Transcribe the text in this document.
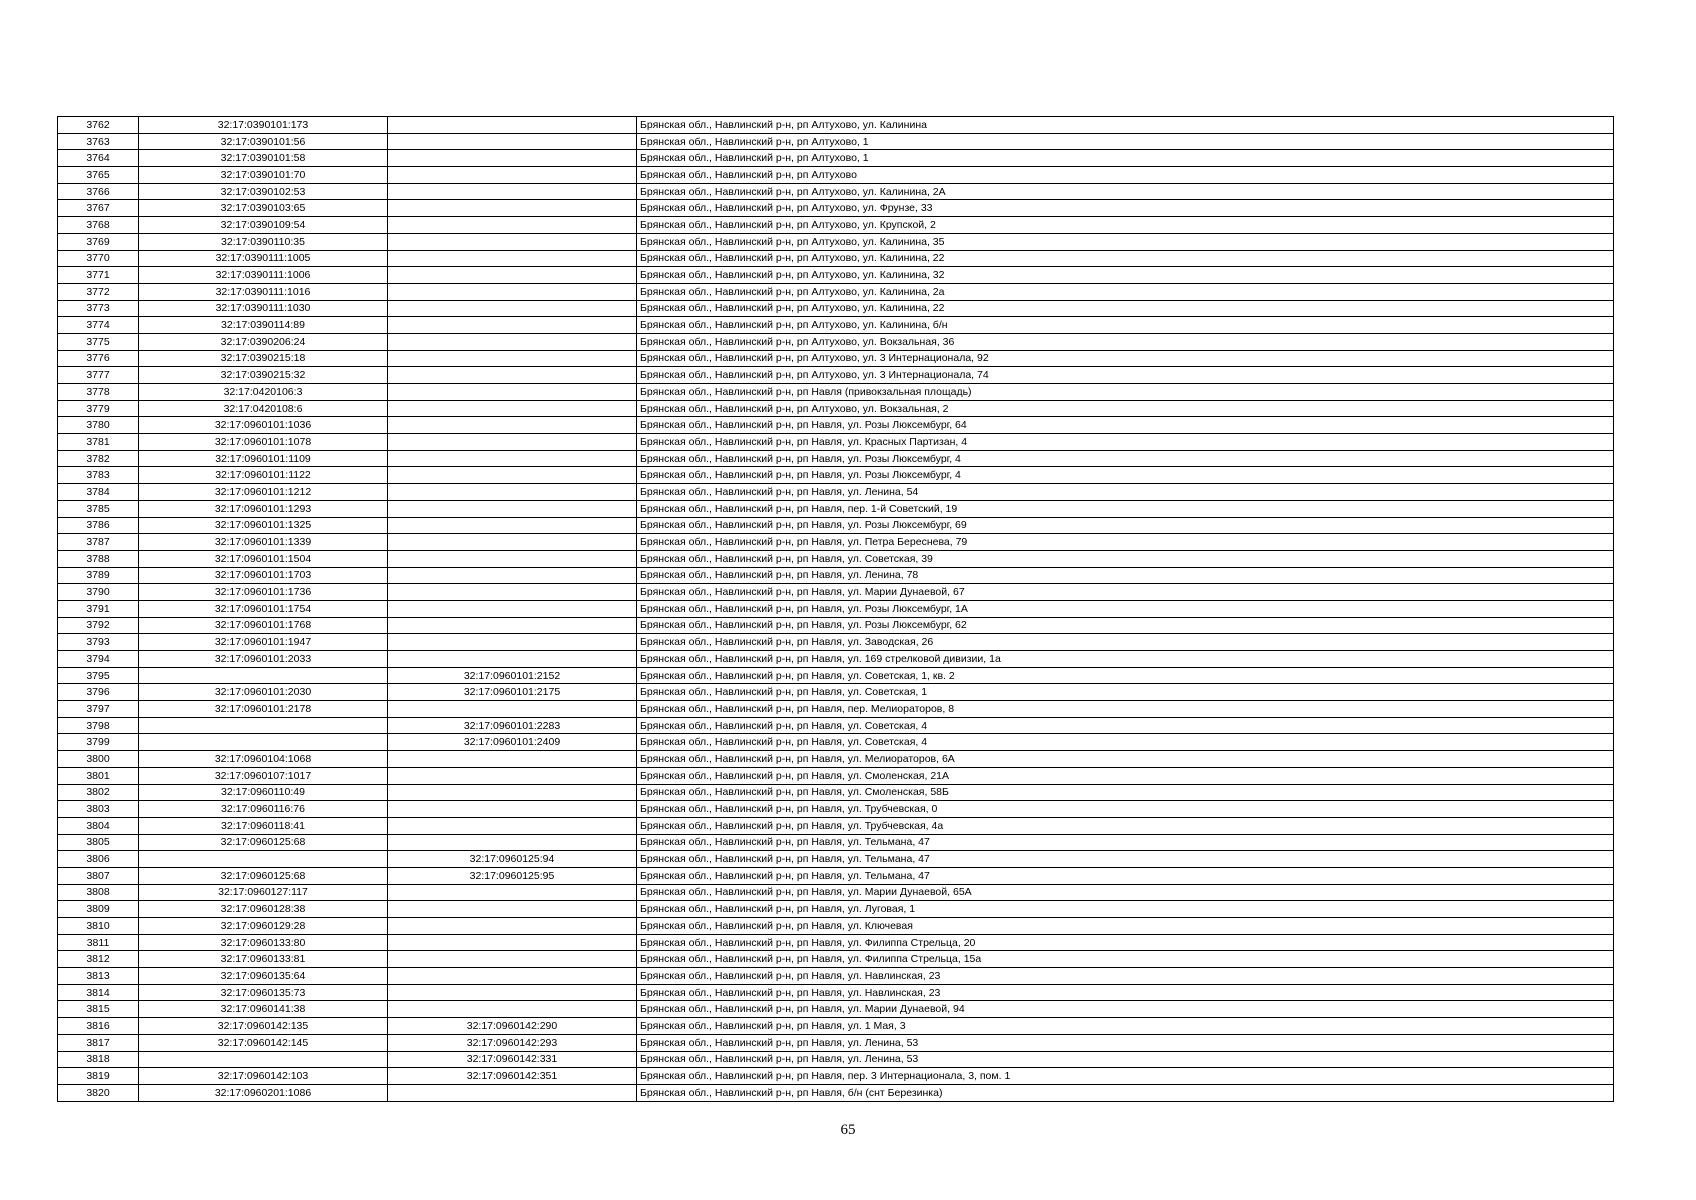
3762	32:17:0390101:173		Брянская обл., Навлинский р-н, рп Алтухово, ул. Калинина
3763	32:17:0390101:56		Брянская обл., Навлинский р-н, рп Алтухово, 1
3764	32:17:0390101:58		Брянская обл., Навлинский р-н, рп Алтухово, 1
3765	32:17:0390101:70		Брянская обл., Навлинский р-н, рп Алтухово
3766	32:17:0390102:53		Брянская обл., Навлинский р-н, рп Алтухово, ул. Калинина, 2А
3767	32:17:0390103:65		Брянская обл., Навлинский р-н, рп Алтухово, ул. Фрунзе, 33
3768	32:17:0390109:54		Брянская обл., Навлинский р-н, рп Алтухово, ул. Крупской, 2
3769	32:17:0390110:35		Брянская обл., Навлинский р-н, рп Алтухово, ул. Калинина, 35
3770	32:17:0390111:1005		Брянская обл., Навлинский р-н, рп Алтухово, ул. Калинина, 22
3771	32:17:0390111:1006		Брянская обл., Навлинский р-н, рп Алтухово, ул. Калинина, 32
3772	32:17:0390111:1016		Брянская обл., Навлинский р-н, рп Алтухово, ул. Калинина, 2а
3773	32:17:0390111:1030		Брянская обл., Навлинский р-н, рп Алтухово, ул. Калинина, 22
3774	32:17:0390114:89		Брянская обл., Навлинский р-н, рп Алтухово, ул. Калинина, б/н
3775	32:17:0390206:24		Брянская обл., Навлинский р-н, рп Алтухово, ул. Вокзальная, 36
3776	32:17:0390215:18		Брянская обл., Навлинский р-н, рп Алтухово, ул. 3 Интернационала, 92
3777	32:17:0390215:32		Брянская обл., Навлинский р-н, рп Алтухово, ул. 3 Интернационала, 74
3778	32:17:0420106:3		Брянская обл., Навлинский р-н, рп Навля (привокзальная площадь)
3779	32:17:0420108:6		Брянская обл., Навлинский р-н, рп Алтухово, ул. Вокзальная, 2
3780	32:17:0960101:1036		Брянская обл., Навлинский р-н, рп Навля, ул. Розы Люксембург, 64
3781	32:17:0960101:1078		Брянская обл., Навлинский р-н, рп Навля, ул. Красных Партизан, 4
3782	32:17:0960101:1109		Брянская обл., Навлинский р-н, рп Навля, ул. Розы Люксембург, 4
3783	32:17:0960101:1122		Брянская обл., Навлинский р-н, рп Навля, ул. Розы Люксембург, 4
3784	32:17:0960101:1212		Брянская обл., Навлинский р-н, рп Навля, ул. Ленина, 54
3785	32:17:0960101:1293		Брянская обл., Навлинский р-н, рп Навля, пер. 1-й Советский, 19
3786	32:17:0960101:1325		Брянская обл., Навлинский р-н, рп Навля, ул. Розы Люксембург, 69
3787	32:17:0960101:1339		Брянская обл., Навлинский р-н, рп Навля, ул. Петра Береснева, 79
3788	32:17:0960101:1504		Брянская обл., Навлинский р-н, рп Навля, ул. Советская, 39
3789	32:17:0960101:1703		Брянская обл., Навлинский р-н, рп Навля, ул. Ленина, 78
3790	32:17:0960101:1736		Брянская обл., Навлинский р-н, рп Навля, ул. Марии Дунаевой, 67
3791	32:17:0960101:1754		Брянская обл., Навлинский р-н, рп Навля, ул. Розы Люксембург, 1А
3792	32:17:0960101:1768		Брянская обл., Навлинский р-н, рп Навля, ул. Розы Люксембург, 62
3793	32:17:0960101:1947		Брянская обл., Навлинский р-н, рп Навля, ул. Заводская, 26
3794	32:17:0960101:2033		Брянская обл., Навлинский р-н, рп Навля, ул. 169 стрелковой дивизии, 1а
3795		32:17:0960101:2152	Брянская обл., Навлинский р-н, рп Навля, ул. Советская, 1, кв. 2
3796	32:17:0960101:2030	32:17:0960101:2175	Брянская обл., Навлинский р-н, рп Навля, ул. Советская, 1
3797	32:17:0960101:2178		Брянская обл., Навлинский р-н, рп Навля, пер. Мелиораторов, 8
3798		32:17:0960101:2283	Брянская обл., Навлинский р-н, рп Навля, ул. Советская, 4
3799		32:17:0960101:2409	Брянская обл., Навлинский р-н, рп Навля, ул. Советская, 4
3800	32:17:0960104:1068		Брянская обл., Навлинский р-н, рп Навля, ул. Мелиораторов, 6А
3801	32:17:0960107:1017		Брянская обл., Навлинский р-н, рп Навля, ул. Смоленская, 21А
3802	32:17:0960110:49		Брянская обл., Навлинский р-н, рп Навля, ул. Смоленская, 58Б
3803	32:17:0960116:76		Брянская обл., Навлинский р-н, рп Навля, ул. Трубчевская, 0
3804	32:17:0960118:41		Брянская обл., Навлинский р-н, рп Навля, ул. Трубчевская, 4а
3805	32:17:0960125:68		Брянская обл., Навлинский р-н, рп Навля, ул. Тельмана, 47
3806		32:17:0960125:94	Брянская обл., Навлинский р-н, рп Навля, ул. Тельмана, 47
3807	32:17:0960125:68	32:17:0960125:95	Брянская обл., Навлинский р-н, рп Навля, ул. Тельмана, 47
3808	32:17:0960127:117		Брянская обл., Навлинский р-н, рп Навля, ул. Марии Дунаевой, 65А
3809	32:17:0960128:38		Брянская обл., Навлинский р-н, рп Навля, ул. Луговая, 1
3810	32:17:0960129:28		Брянская обл., Навлинский р-н, рп Навля, ул. Ключевая
3811	32:17:0960133:80		Брянская обл., Навлинский р-н, рп Навля, ул. Филиппа Стрельца, 20
3812	32:17:0960133:81		Брянская обл., Навлинский р-н, рп Навля, ул. Филиппа Стрельца, 15а
3813	32:17:0960135:64		Брянская обл., Навлинский р-н, рп Навля, ул. Навлинская, 23
3814	32:17:0960135:73		Брянская обл., Навлинский р-н, рп Навля, ул. Навлинская, 23
3815	32:17:0960141:38		Брянская обл., Навлинский р-н, рп Навля, ул. Марии Дунаевой, 94
3816	32:17:0960142:135	32:17:0960142:290	Брянская обл., Навлинский р-н, рп Навля, ул. 1 Мая, 3
3817	32:17:0960142:145	32:17:0960142:293	Брянская обл., Навлинский р-н, рп Навля, ул. Ленина, 53
3818		32:17:0960142:331	Брянская обл., Навлинский р-н, рп Навля, ул. Ленина, 53
3819	32:17:0960142:103	32:17:0960142:351	Брянская обл., Навлинский р-н, рп Навля, пер. 3 Интернационала, 3, пом. 1
3820	32:17:0960201:1086		Брянская обл., Навлинский р-н, рп Навля, б/н (снт Березинка)
65
